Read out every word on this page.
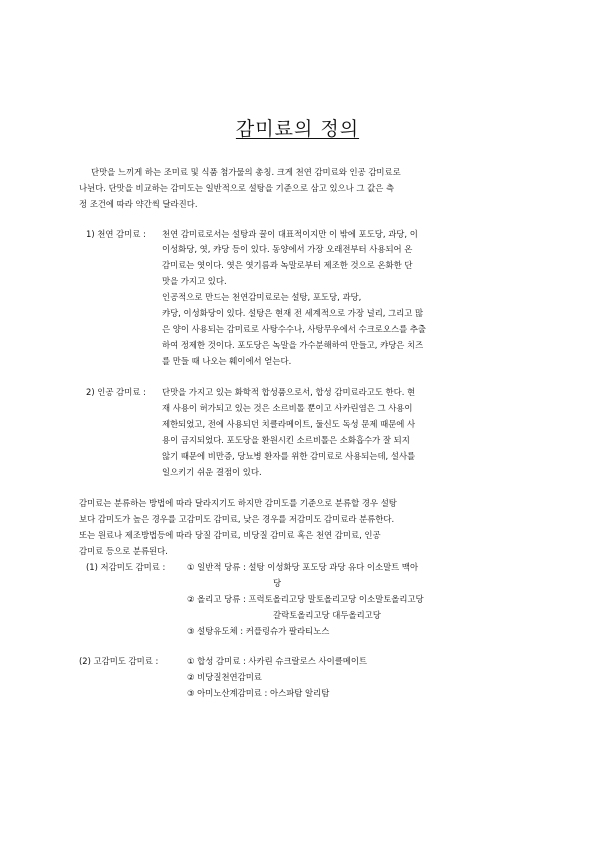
감미료의 정의
단맛을 느끼게 하는 조미료 및 식품 첨가물의 총칭. 크게 천연 감미료와 인공 감미료로
나뉜다. 단맛을 비교하는 감미도는 일반적으로 설탕을 기준으로 삼고 있으나 그 값은 측
정 조건에 따라 약간씩 달라진다.
1) 천연 감미료 : 천연 감미료로서는 설탕과 꿀이 대표적이지만 이 밖에 포도당, 과당, 이
이성화당, 엿, 캬당 등이 있다. 동양에서 가장 오래전부터 사용되어 온
감미료는 엿이다. 엿은 엿기름과 녹말로부터 제조한 것으로 온화한 단
맛을 가지고 있다.
인공적으로 만드는 천연감미료로는 설탕, 포도당, 과당,
캬당, 이성화당이 있다. 설탕은 현재 전 세계적으로 가장 널리, 그리고 많
은 양이 사용되는 감미료로 사탕수수나, 사탕무우에서 수크로오스를 추출
하여 정제한 것이다. 포도당은 녹말을 가수분해하여 만들고, 캬당은 치즈
를 만들 때 나오는 훼이에서 얻는다.
2) 인공 감미료 : 단맛을 가지고 있는 화학적 합성품으로서, 합성 감미료라고도 한다. 현
재 사용이 허가되고 있는 것은 소르비톨 뿐이고 사카린염은 그 사용이
제한되었고, 전에 사용되던 치클라메이트, 둘신도 독성 문제 때문에 사
용이 금지되었다. 포도당을 환원시킨 소르비톨은 소화흡수가 잘 되지
않기 때문에 비만증, 당뇨병 환자를 위한 감미료로 사용되는데, 설사를
일으키기 쉬운 결점이 있다.
감미료는 분류하는 방법에 따라 달라지기도 하지만 감미도를 기준으로 분류할 경우 설탕
보다 감미도가 높은 경우를 고감미도 감미료, 낮은 경우를 저감미도 감미료라 분류한다.
또는 원료나 제조방법등에 따라 당질 감미료, 비당질 감미료 혹은 천연 감미료, 인공
감미료 등으로 분류된다.
(1) 저감미도 감미료 :	① 일반적 당류 : 설탕 이성화당 포도당 과당 유다 이소말트 맥아
당
② 올리고 당류 : 프럭토올리고당 말토올리고당 이소말토올리고당
갈락토올리고당 대두올리고당
③ 설탕유도체 : 커플링슈가 팔라티노스
(2) 고감미도 감미료 :	① 합성 감미료 : 사카린 슈크랄로스 사이클메이트
② 비당질천연감미료
③ 아미노산계감미료 : 아스파탐 알리탐
